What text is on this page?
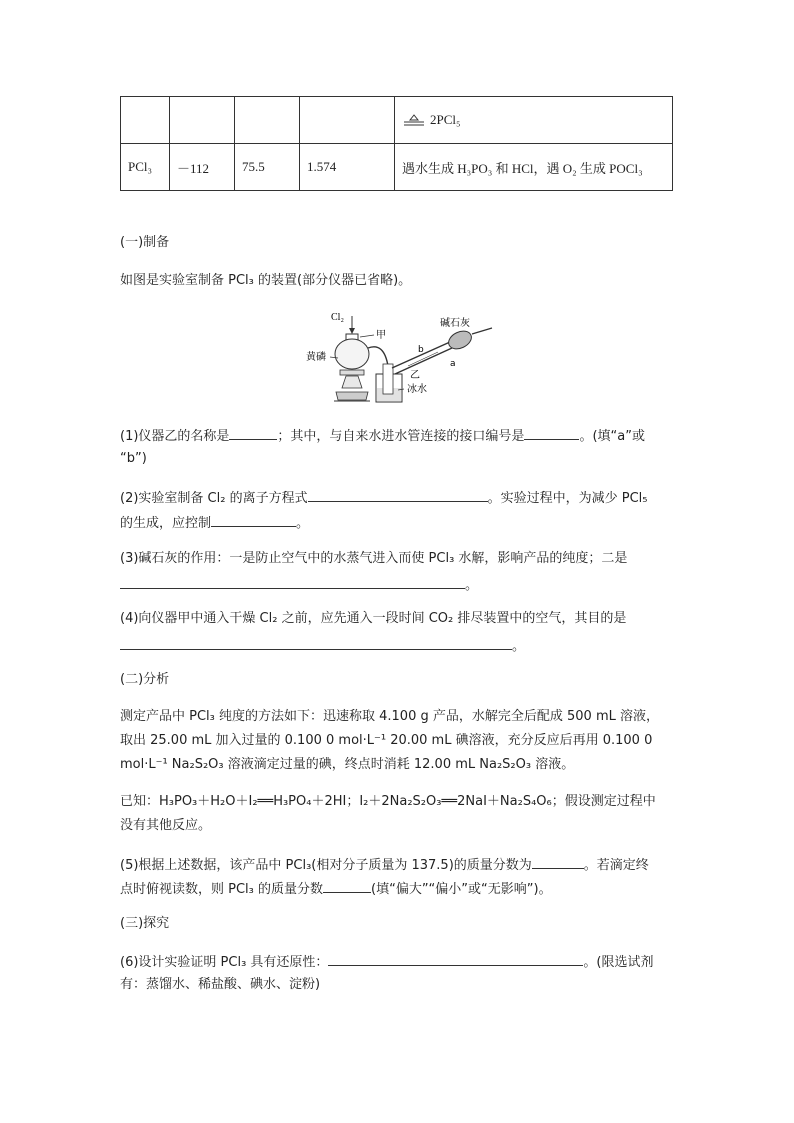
				2PCl₅
PCl₃	－112	75.5	1.574	遇水生成 H₃PO₃ 和 HCl，遇 O₂ 生成 POCl₃
(一)制备
如图是实验室制备 PCl₃ 的装置(部分仪器已省略)。
Cl₂
甲
黄磷
b
a
乙
冰水
碱石灰
(1)仪器乙的名称是	；其中，与自来水进水管连接的接口编号是	。(填“a”或
“b”)
(2)实验室制备 Cl₂ 的离子方程式	。实验过程中，为减少 PCl₅
的生成，应控制	。
(3)碱石灰的作用：一是防止空气中的水蒸气进入而使 PCl₃ 水解，影响产品的纯度；二是
。
(4)向仪器甲中通入干燥 Cl₂ 之前，应先通入一段时间 CO₂ 排尽装置中的空气，其目的是
。
(二)分析
测定产品中 PCl₃ 纯度的方法如下：迅速称取 4.100 g 产品，水解完全后配成 500 mL 溶液，
取出 25.00 mL 加入过量的 0.100 0 mol·L⁻¹ 20.00 mL 碘溶液，充分反应后再用 0.100 0
mol·L⁻¹ Na₂S₂O₃ 溶液滴定过量的碘，终点时消耗 12.00 mL Na₂S₂O₃ 溶液。
已知：H₃PO₃＋H₂O＋I₂══H₃PO₄＋2HI；I₂＋2Na₂S₂O₃══2NaI＋Na₂S₄O₆；假设测定过程中
没有其他反应。
(5)根据上述数据，该产品中 PCl₃(相对分子质量为 137.5)的质量分数为	。若滴定终
点时俯视读数，则 PCl₃ 的质量分数	(填“偏大”“偏小”或“无影响”)。
(三)探究
(6)设计实验证明 PCl₃ 具有还原性：	。(限选试剂
有：蒸馏水、稀盐酸、碘水、淀粉)
